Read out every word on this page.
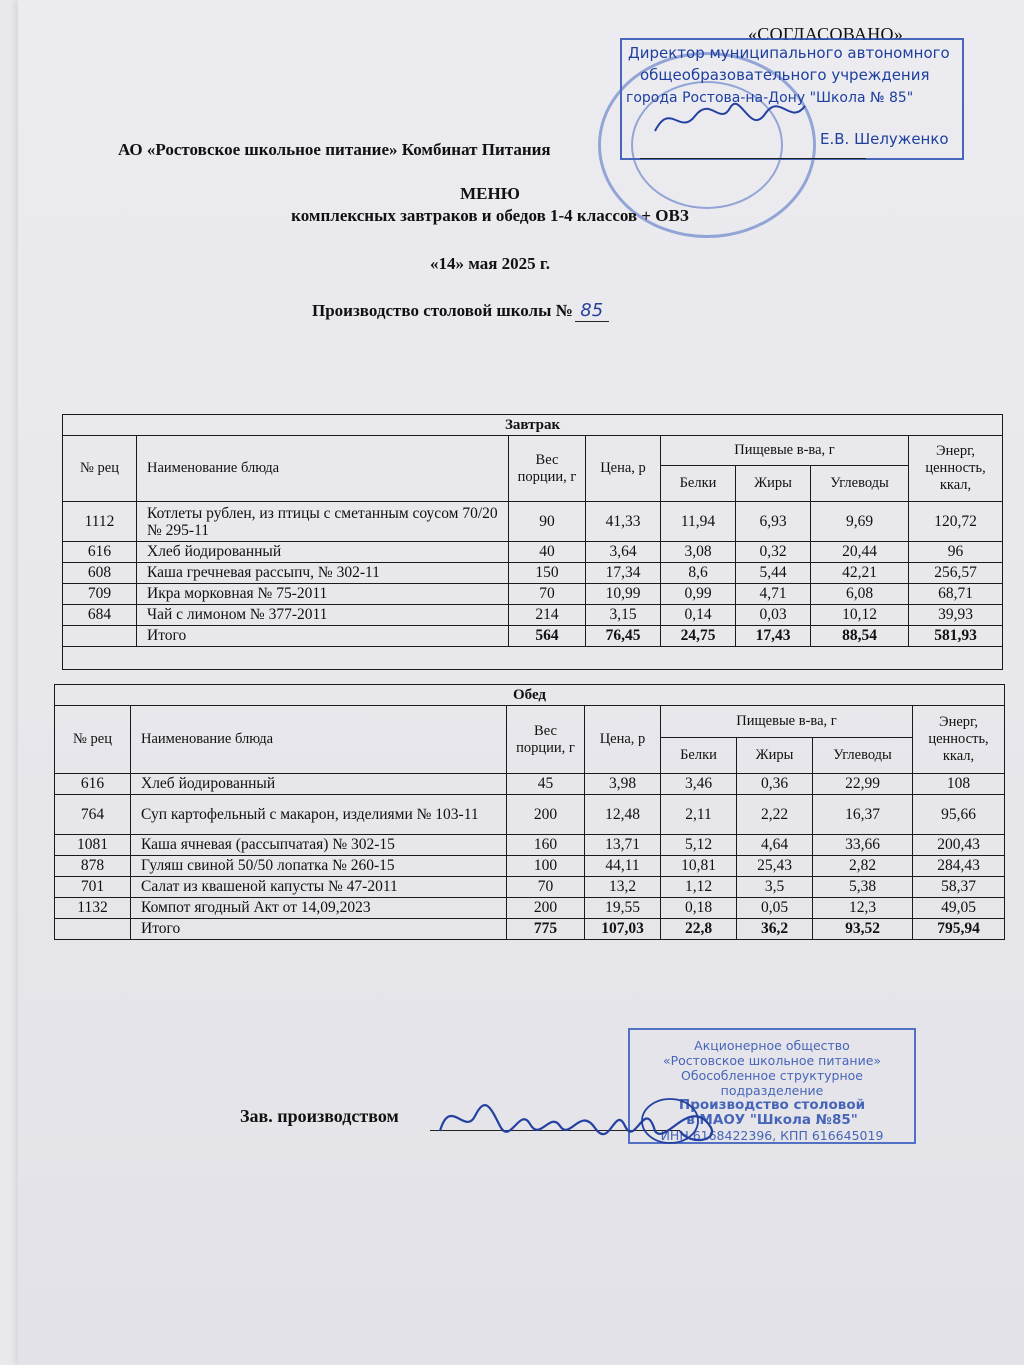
«СОГЛАСОВАНО»
Директор муниципального автономного
общеобразовательного учреждения
города Ростова-на-Дону "Школа № 85"
Е.В. Шелуженко
АО «Ростовское школьное питание» Комбинат Питания
МЕНЮ
комплексных завтраков и обедов 1-4 классов + ОВЗ
«14» мая 2025 г.
Производство столовой школы № 85
Завтрак							
№ рец	Наименование блюда	Вес порции, г	Цена, р	Пищевые в-ва, г			Энерг, ценность, ккал,
				Белки	Жиры	Углеводы	
1112	Котлеты рублен, из птицы с сметанным соусом 70/20 № 295-11	90	41,33	11,94	6,93	9,69	120,72
616	Хлеб йодированный	40	3,64	3,08	0,32	20,44	96
608	Каша гречневая рассыпч, № 302-11	150	17,34	8,6	5,44	42,21	256,57
709	Икра морковная № 75-2011	70	10,99	0,99	4,71	6,08	68,71
684	Чай с лимоном № 377-2011	214	3,15	0,14	0,03	10,12	39,93
	Итого	564	76,45	24,75	17,43	88,54	581,93

Обед							
№ рец	Наименование блюда	Вес порции, г	Цена, р	Пищевые в-ва, г			Энерг, ценность, ккал,
				Белки	Жиры	Углеводы	
616	Хлеб йодированный	45	3,98	3,46	0,36	22,99	108
764	Суп картофельный с макарон, изделиями № 103-11	200	12,48	2,11	2,22	16,37	95,66
1081	Каша ячневая (рассыпчатая) № 302-15	160	13,71	5,12	4,64	33,66	200,43
878	Гуляш свиной 50/50 лопатка № 260-15	100	44,11	10,81	25,43	2,82	284,43
701	Салат из квашеной капусты № 47-2011	70	13,2	1,12	3,5	5,38	58,37
1132	Компот ягодный Акт от 14,09,2023	200	19,55	0,18	0,05	12,3	49,05
	Итого	775	107,03	22,8	36,2	93,52	795,94
Акционерное общество
«Ростовское школьное питание»
Обособленное структурное подразделение
Производство столовой
в МАОУ "Школа №85"
ИНН 6168422396, КПП 616645019
Зав. производством
